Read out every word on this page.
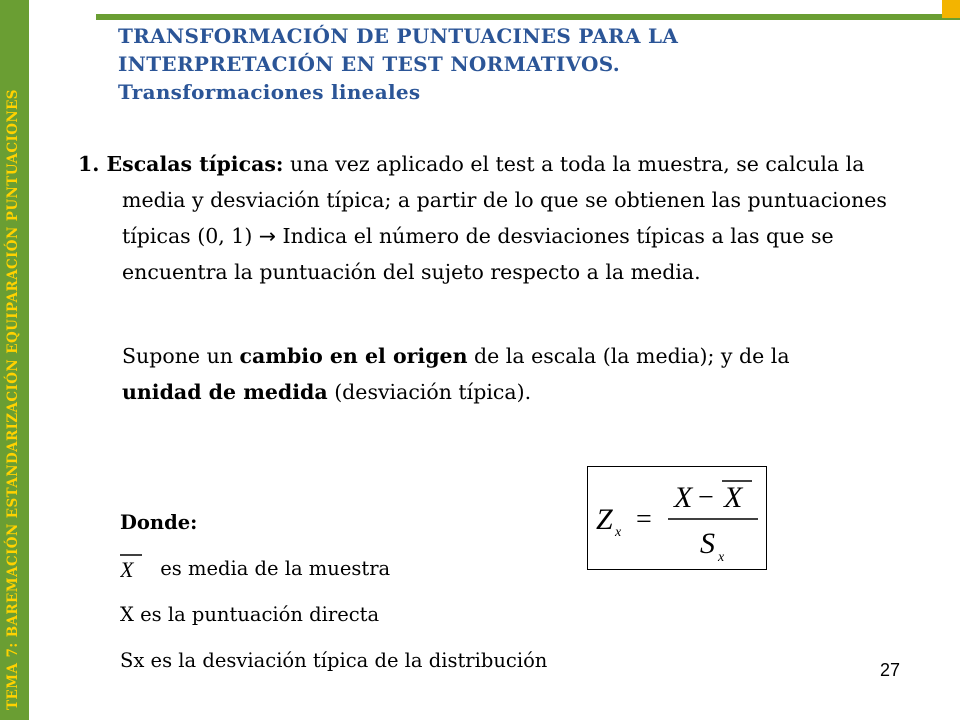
TEMA 7: BAREMACIÓN ESTANDARIZACIÓN EQUIPARACIÓN PUNTUACIONES
TRANSFORMACIÓN DE PUNTUACINES PARA LA
INTERPRETACIÓN EN TEST NORMATIVOS.
Transformaciones lineales
1. Escalas típicas: una vez aplicado el test a toda la muestra, se calcula la media y desviación típica; a partir de lo que se obtienen las puntuaciones típicas (0, 1) → Indica el número de desviaciones típicas a las que se encuentra la puntuación del sujeto respecto a la media.
Supone un cambio en el origen de la escala (la media); y de la unidad de medida (desviación típica).
Z x =
X − X
S x
Donde:
X es media de la muestra
X es la puntuación directa
Sx es la desviación típica de la distribución	27
